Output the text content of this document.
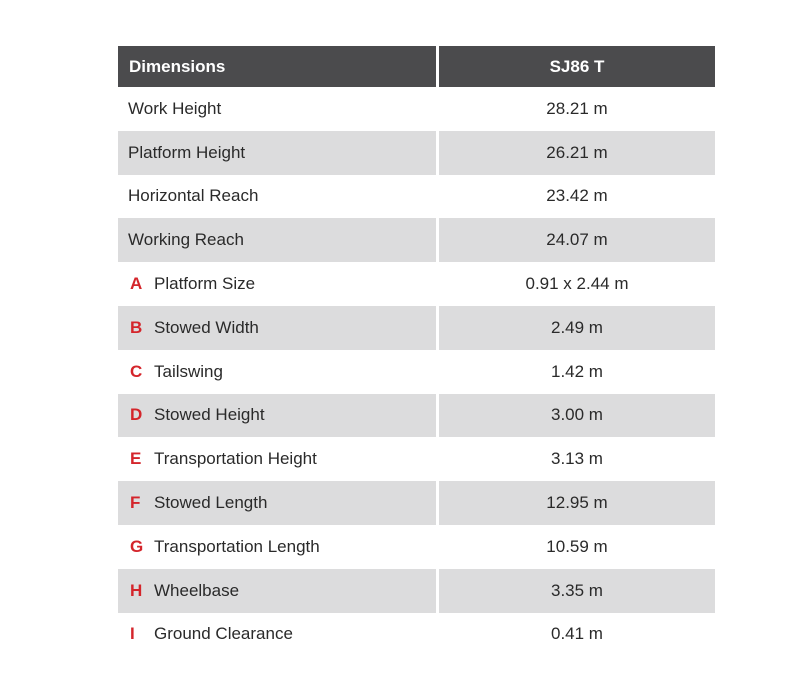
Dimensions	SJ86 T
Work Height	28.21 m
Platform Height	26.21 m
Horizontal Reach	23.42 m
Working Reach	24.07 m
A Platform Size	0.91 x 2.44 m
B Stowed Width	2.49 m
C Tailswing	1.42 m
D Stowed Height	3.00 m
E Transportation Height	3.13 m
F Stowed Length	12.95 m
G Transportation Length	10.59 m
H Wheelbase	3.35 m
I Ground Clearance	0.41 m
